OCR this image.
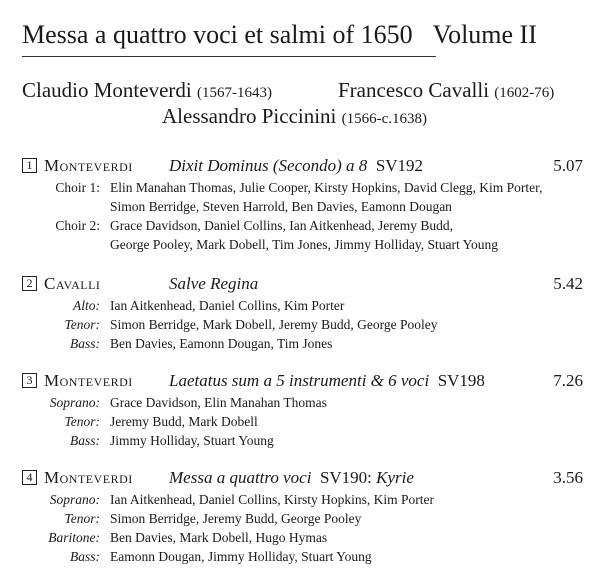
Messa a quattro voci et salmi of 1650 Volume II
Claudio Monteverdi (1567-1643)	Francesco Cavalli (1602-76)
Alessandro Piccinini (1566-c.1638)
1 Monteverdi Dixit Dominus (Secondo) a 8 SV192	5.07
Choir 1: Elin Manahan Thomas, Julie Cooper, Kirsty Hopkins, David Clegg, Kim Porter,
Simon Berridge, Steven Harrold, Ben Davies, Eamonn Dougan
Choir 2: Grace Davidson, Daniel Collins, Ian Aitkenhead, Jeremy Budd,
George Pooley, Mark Dobell, Tim Jones, Jimmy Holliday, Stuart Young
2 Cavalli	Salve Regina	5.42
Alto: Ian Aitkenhead, Daniel Collins, Kim Porter
Tenor: Simon Berridge, Mark Dobell, Jeremy Budd, George Pooley
Bass: Ben Davies, Eamonn Dougan, Tim Jones
3 Monteverdi Laetatus sum a 5 instrumenti & 6 voci SV198	7.26
Soprano: Grace Davidson, Elin Manahan Thomas
Tenor: Jeremy Budd, Mark Dobell
Bass: Jimmy Holliday, Stuart Young
4 Monteverdi Messa a quattro voci SV190: Kyrie	3.56
Soprano: Ian Aitkenhead, Daniel Collins, Kirsty Hopkins, Kim Porter
Tenor: Simon Berridge, Jeremy Budd, George Pooley
Baritone: Ben Davies, Mark Dobell, Hugo Hymas
Bass: Eamonn Dougan, Jimmy Holliday, Stuart Young
